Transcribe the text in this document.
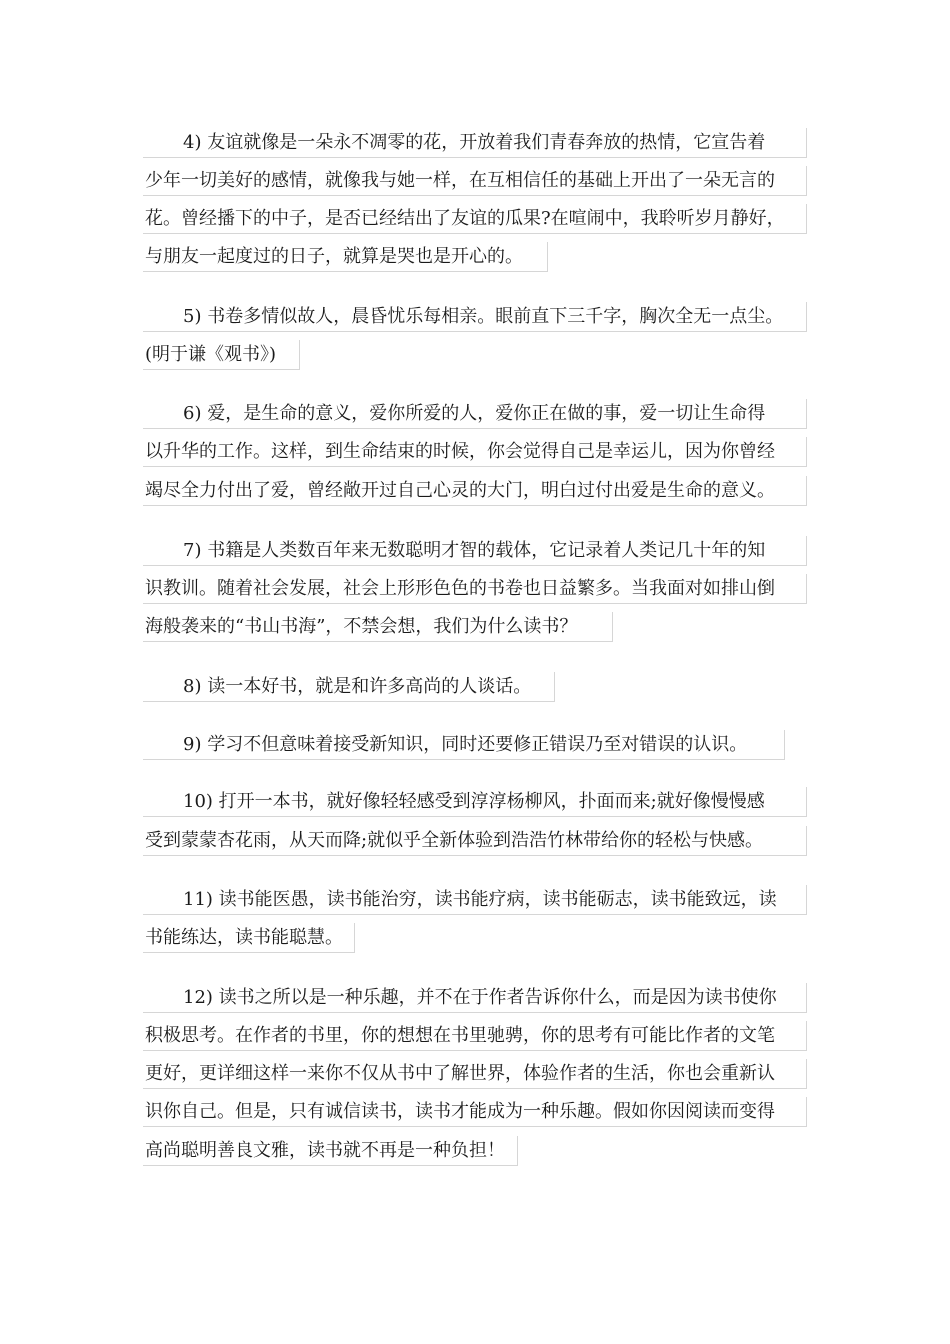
4) 友谊就像是一朵永不凋零的花，开放着我们青春奔放的热情，它宣告着
少年一切美好的感情，就像我与她一样，在互相信任的基础上开出了一朵无言的
花。曾经播下的中子，是否已经结出了友谊的瓜果?在喧闹中，我聆听岁月静好，
与朋友一起度过的日子，就算是哭也是开心的。
5) 书卷多情似故人，晨昏忧乐每相亲。眼前直下三千字，胸次全无一点尘。
(明于谦《观书》)
6) 爱，是生命的意义，爱你所爱的人，爱你正在做的事，爱一切让生命得
以升华的工作。这样，到生命结束的时候，你会觉得自己是幸运儿，因为你曾经
竭尽全力付出了爱，曾经敞开过自己心灵的大门，明白过付出爱是生命的意义。
7) 书籍是人类数百年来无数聪明才智的载体，它记录着人类记几十年的知
识教训。随着社会发展，社会上形形色色的书卷也日益繁多。当我面对如排山倒
海般袭来的“书山书海”，不禁会想，我们为什么读书？
8) 读一本好书，就是和许多高尚的人谈话。
9) 学习不但意味着接受新知识，同时还要修正错误乃至对错误的认识。
10) 打开一本书，就好像轻轻感受到淳淳杨柳风，扑面而来;就好像慢慢感
受到蒙蒙杏花雨，从天而降;就似乎全新体验到浩浩竹林带给你的轻松与快感。
11) 读书能医愚，读书能治穷，读书能疗病，读书能砺志，读书能致远，读
书能练达，读书能聪慧。
12) 读书之所以是一种乐趣，并不在于作者告诉你什么，而是因为读书使你
积极思考。在作者的书里，你的想想在书里驰骋，你的思考有可能比作者的文笔
更好，更详细这样一来你不仅从书中了解世界，体验作者的生活，你也会重新认
识你自己。但是，只有诚信读书，读书才能成为一种乐趣。假如你因阅读而变得
高尚聪明善良文雅，读书就不再是一种负担！
